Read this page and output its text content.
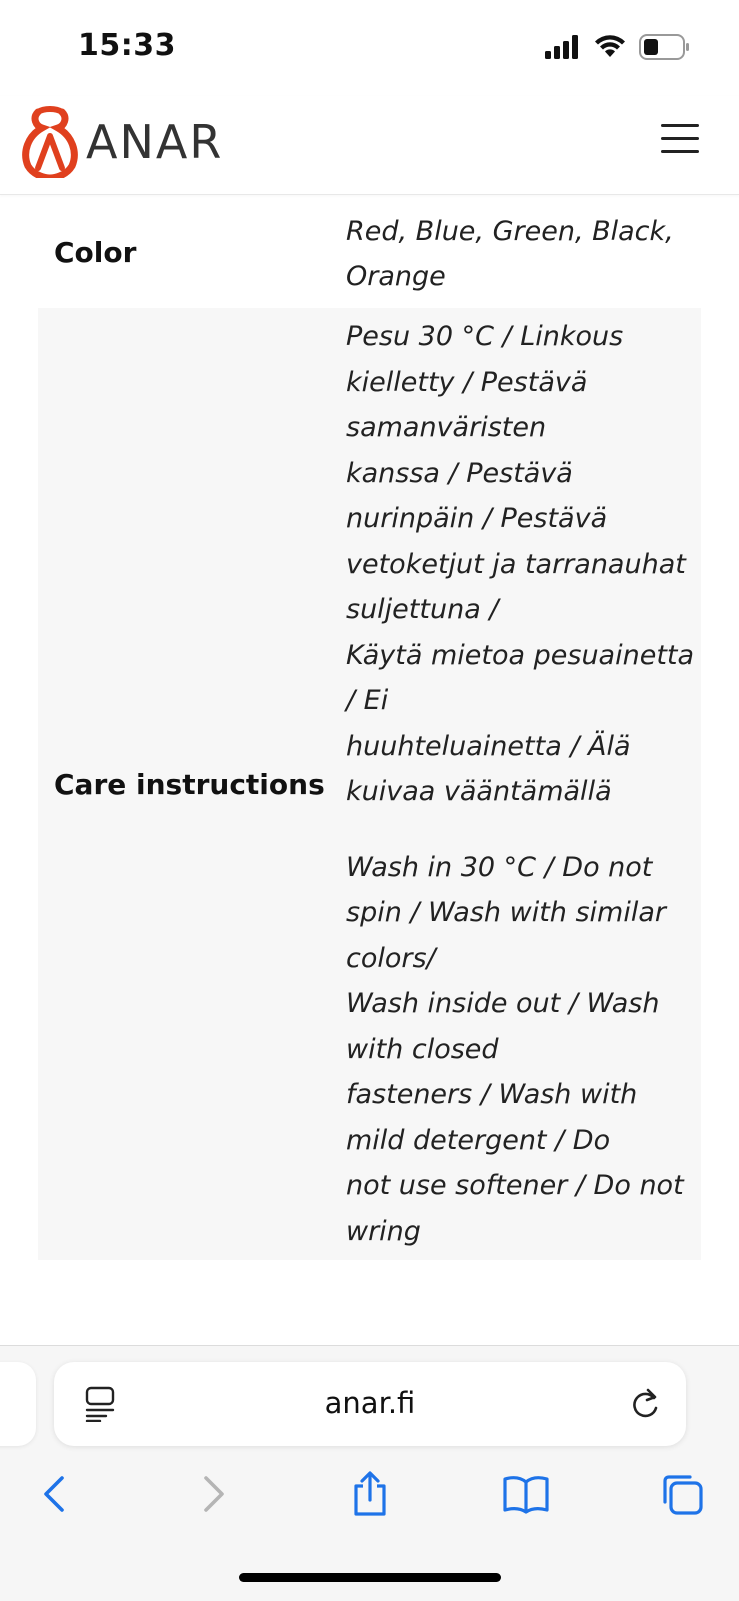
15:33
ANAR
Color
Red, Blue, Green, Black,
Orange
Care instructions
Pesu 30 °C / Linkous
kielletty / Pestävä
samanväristen
kanssa / Pestävä
nurinpäin / Pestävä
vetoketjut ja tarranauhat
suljettuna /
Käytä mietoa pesuainetta
/ Ei
huuhteluainetta / Älä
kuivaa vääntämällä
Wash in 30 °C / Do not
spin / Wash with similar
colors/
Wash inside out / Wash
with closed
fasteners / Wash with
mild detergent / Do
not use softener / Do not
wring
anar.fi
